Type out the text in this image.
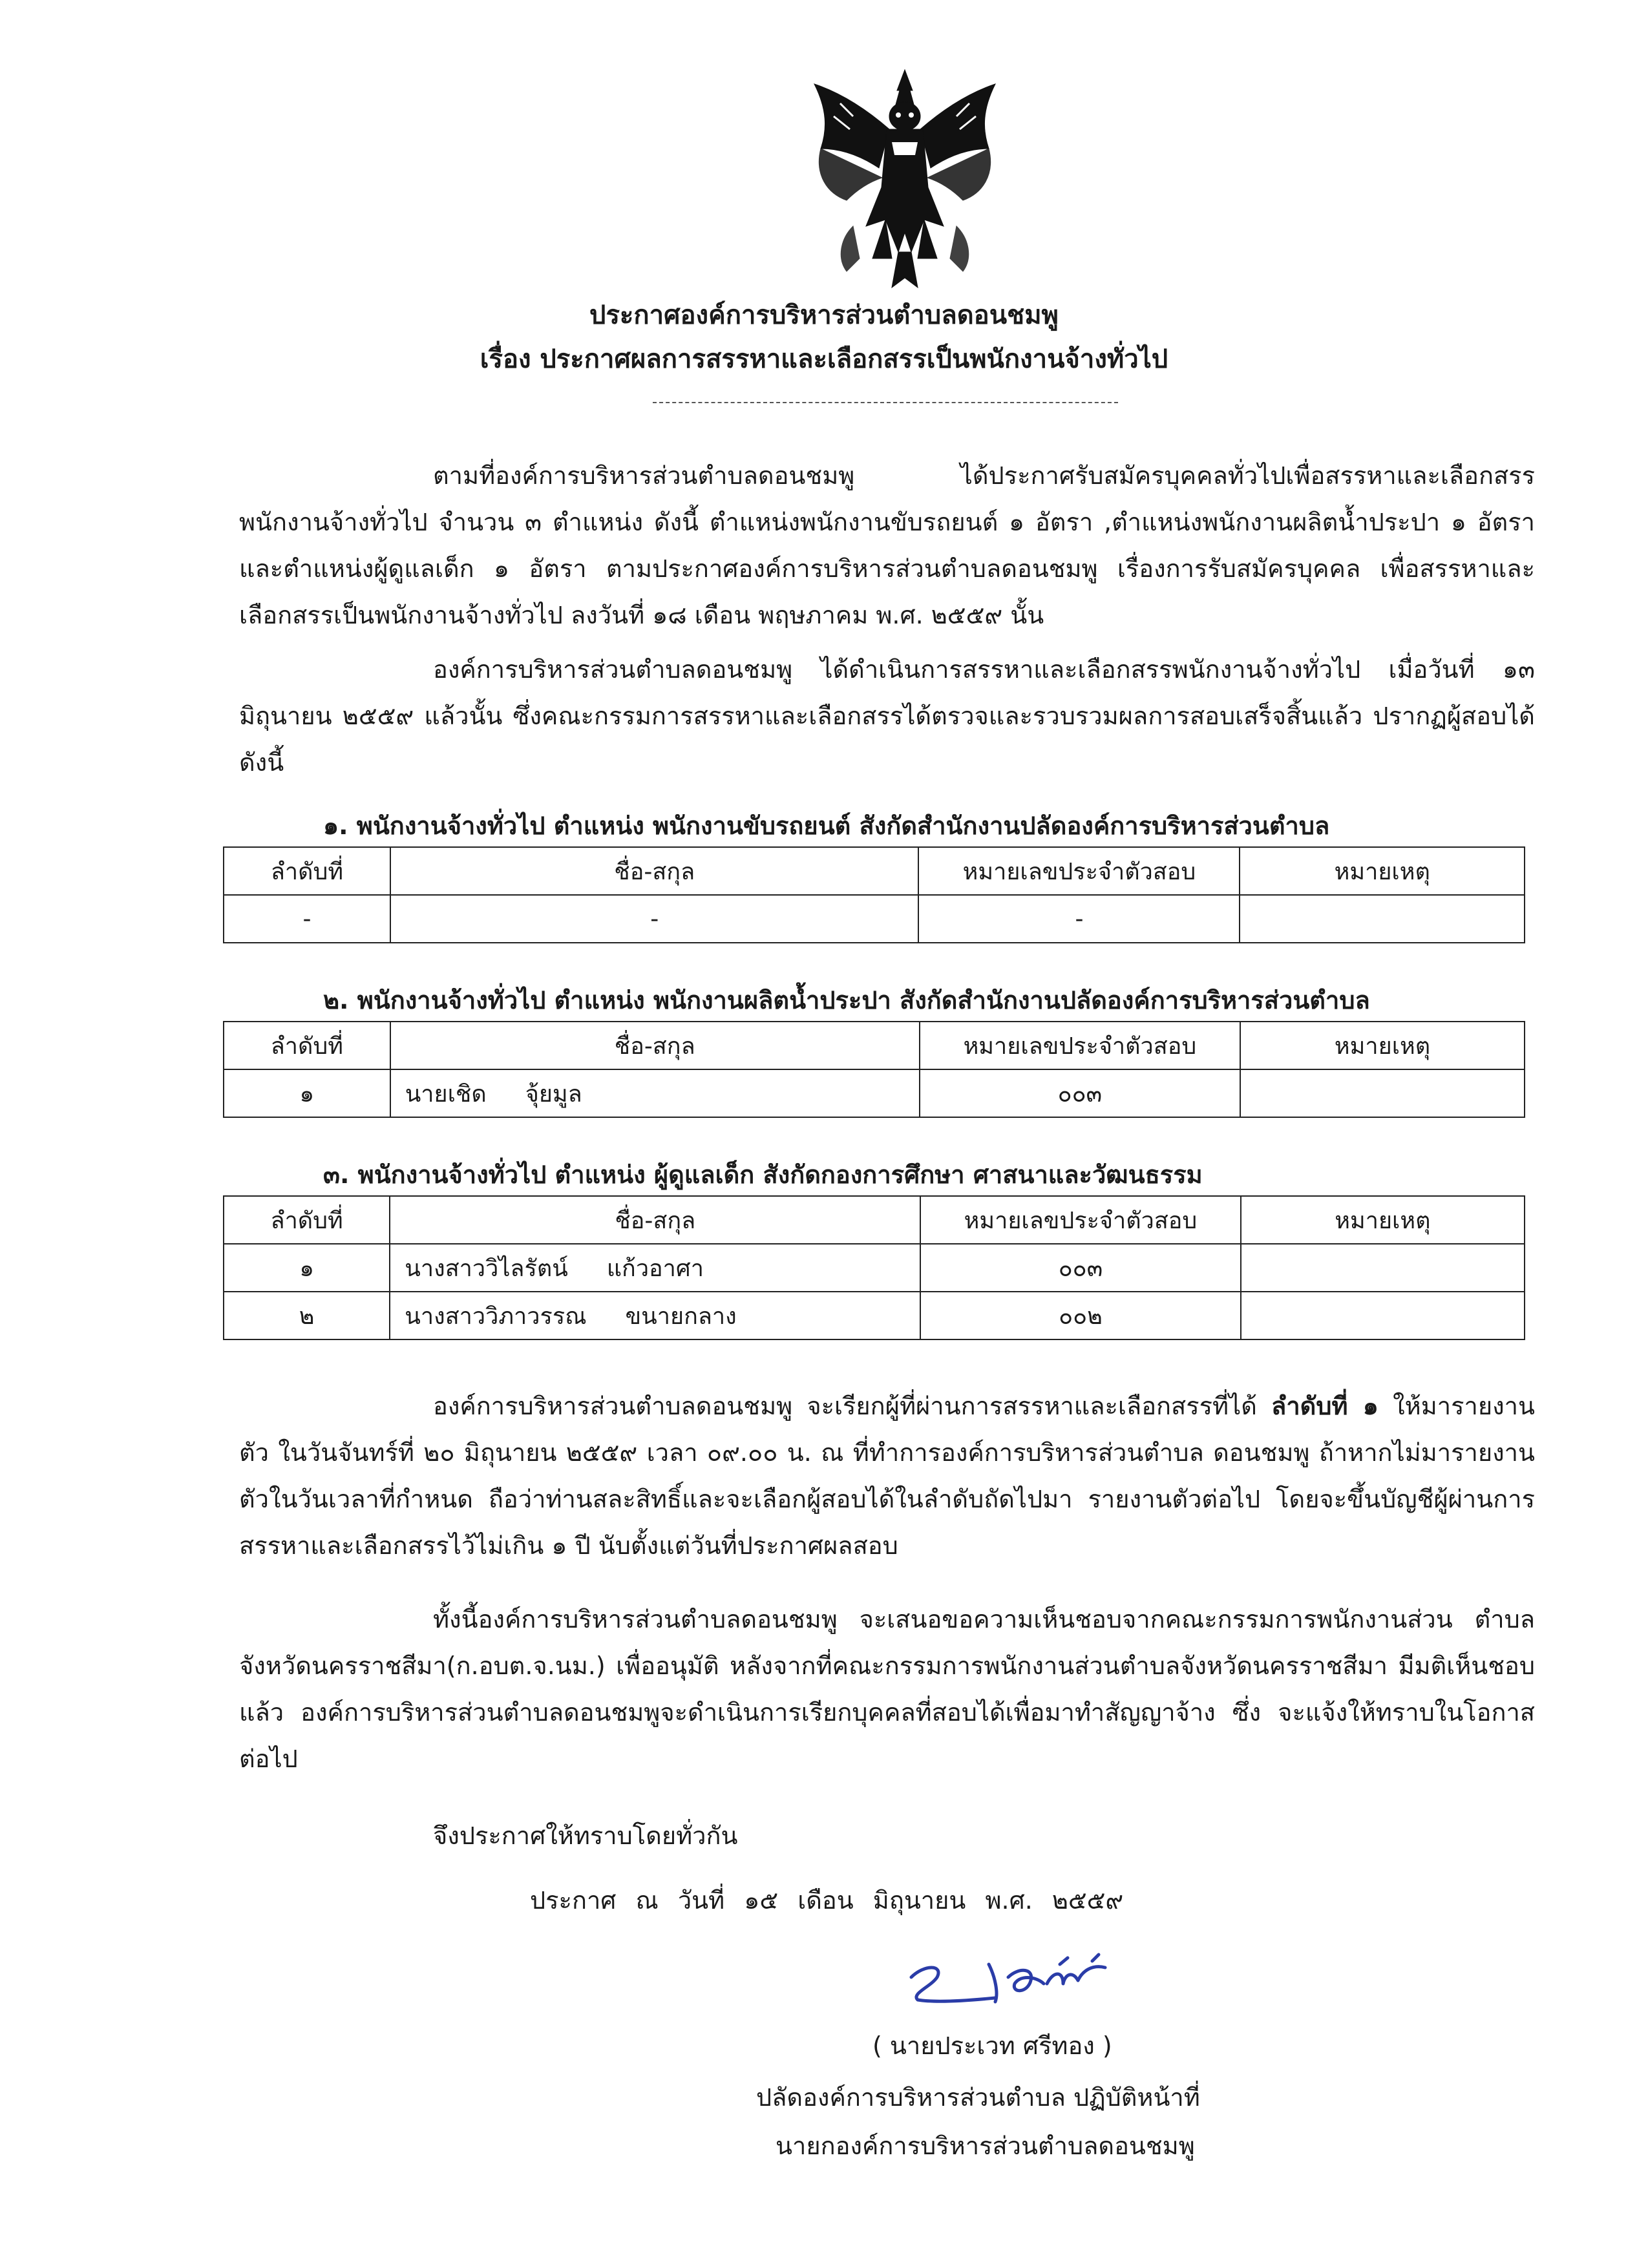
ประกาศองค์การบริหารส่วนตำบลดอนชมพู
เรื่อง ประกาศผลการสรรหาและเลือกสรรเป็นพนักงานจ้างทั่วไป

ตามที่องค์การบริหารส่วนตำบลดอนชมพู ได้ประกาศรับสมัครบุคคลทั่วไปเพื่อสรรหาและเลือกสรร พนักงานจ้างทั่วไป จำนวน ๓ ตำแหน่ง ดังนี้ ตำแหน่งพนักงานขับรถยนต์ ๑ อัตรา ,ตำแหน่งพนักงานผลิตน้ำประปา ๑ อัตรา และตำแหน่งผู้ดูแลเด็ก ๑ อัตรา ตามประกาศองค์การบริหารส่วนตำบลดอนชมพู เรื่องการรับสมัครบุคคล เพื่อสรรหาและเลือกสรรเป็นพนักงานจ้างทั่วไป ลงวันที่ ๑๘ เดือน พฤษภาคม พ.ศ. ๒๕๕๙ นั้น

องค์การบริหารส่วนตำบลดอนชมพู ได้ดำเนินการสรรหาและเลือกสรรพนักงานจ้างทั่วไป เมื่อวันที่ ๑๓ มิถุนายน ๒๕๕๙ แล้วนั้น ซึ่งคณะกรรมการสรรหาและเลือกสรรได้ตรวจและรวบรวมผลการสอบเสร็จสิ้นแล้ว ปรากฏผู้สอบได้ ดังนี้

๑. พนักงานจ้างทั่วไป ตำแหน่ง พนักงานขับรถยนต์ สังกัดสำนักงานปลัดองค์การบริหารส่วนตำบล
ลำดับที่	ชื่อ-สกุล	หมายเลขประจำตัวสอบ	หมายเหตุ
-	-	-	
๒. พนักงานจ้างทั่วไป ตำแหน่ง พนักงานผลิตน้ำประปา สังกัดสำนักงานปลัดองค์การบริหารส่วนตำบล
ลำดับที่	ชื่อ-สกุล	หมายเลขประจำตัวสอบ	หมายเหตุ
๑	นายเชิด จุ้ยมูล	๐๐๓	
๓. พนักงานจ้างทั่วไป ตำแหน่ง ผู้ดูแลเด็ก สังกัดกองการศึกษา ศาสนาและวัฒนธรรม
ลำดับที่	ชื่อ-สกุล	หมายเลขประจำตัวสอบ	หมายเหตุ
๑	นางสาววิไลรัตน์ แก้วอาศา	๐๐๓	
๒	นางสาววิภาวรรณ ขนายกลาง	๐๐๒	

องค์การบริหารส่วนตำบลดอนชมพู จะเรียกผู้ที่ผ่านการสรรหาและเลือกสรรที่ได้ ลำดับที่ ๑ ให้มารายงานตัว ในวันจันทร์ที่ ๒๐ มิถุนายน ๒๕๕๙ เวลา ๐๙.๐๐ น. ณ ที่ทำการองค์การบริหารส่วนตำบล ดอนชมพู ถ้าหากไม่มารายงานตัวในวันเวลาที่กำหนด ถือว่าท่านสละสิทธิ์และจะเลือกผู้สอบได้ในลำดับถัดไปมา รายงานตัวต่อไป โดยจะขึ้นบัญชีผู้ผ่านการสรรหาและเลือกสรรไว้ไม่เกิน ๑ ปี นับตั้งแต่วันที่ประกาศผลสอบ

ทั้งนี้องค์การบริหารส่วนตำบลดอนชมพู จะเสนอขอความเห็นชอบจากคณะกรรมการพนักงานส่วน ตำบลจังหวัดนครราชสีมา(ก.อบต.จ.นม.) เพื่ออนุมัติ หลังจากที่คณะกรรมการพนักงานส่วนตำบลจังหวัดนครราชสีมา มีมติเห็นชอบแล้ว องค์การบริหารส่วนตำบลดอนชมพูจะดำเนินการเรียกบุคคลที่สอบได้เพื่อมาทำสัญญาจ้าง ซึ่ง จะแจ้งให้ทราบในโอกาสต่อไป

จึงประกาศให้ทราบโดยทั่วกัน
ประกาศ ณ วันที่ ๑๕ เดือน มิถุนายน พ.ศ. ๒๕๕๙
( นายประเวท ศรีทอง )
ปลัดองค์การบริหารส่วนตำบล ปฏิบัติหน้าที่
นายกองค์การบริหารส่วนตำบลดอนชมพู
